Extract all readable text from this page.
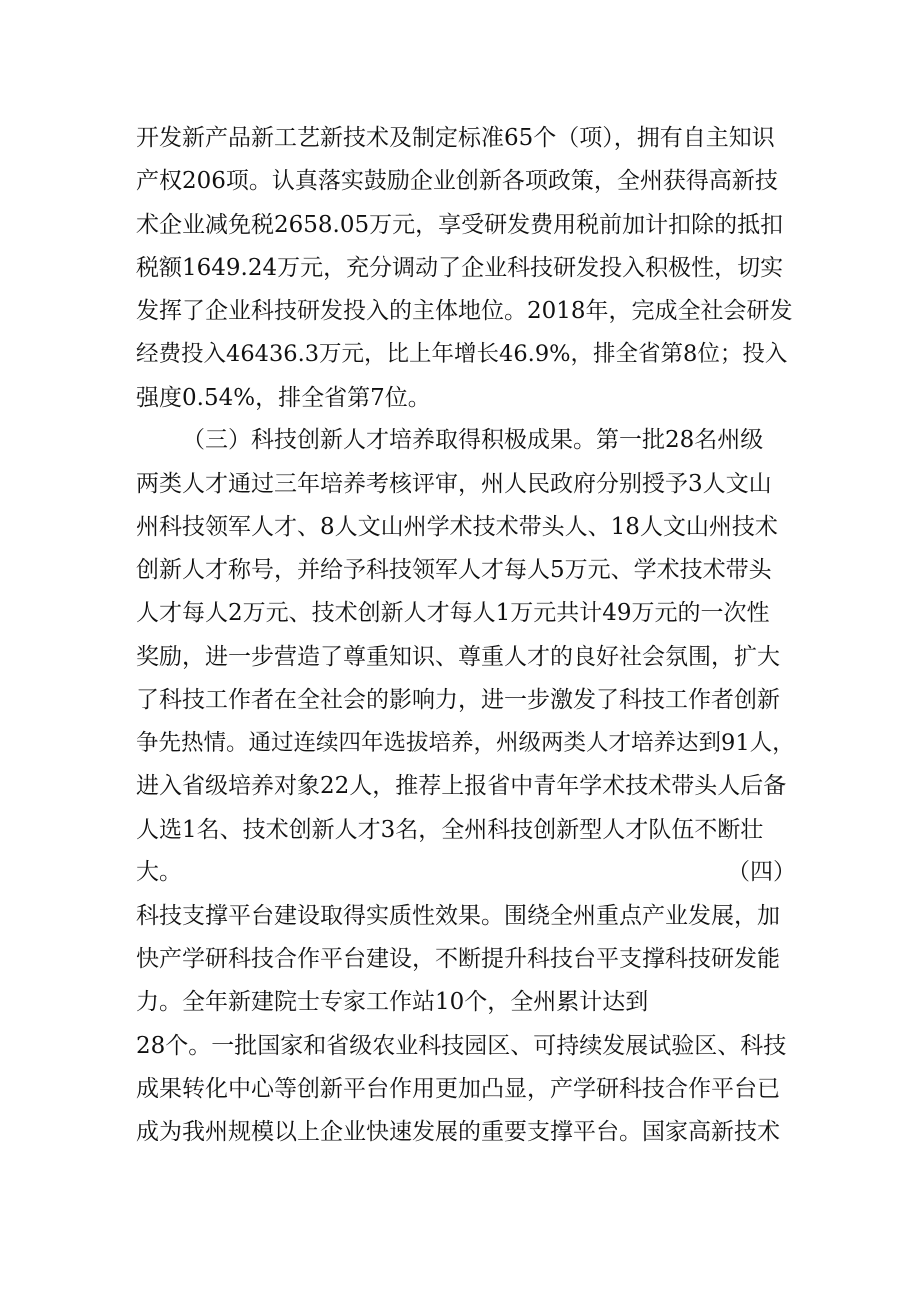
开发新产品新工艺新技术及制定标准65个（项），拥有自主知识
产权206项。认真落实鼓励企业创新各项政策，全州获得高新技
术企业减免税2658.05万元，享受研发费用税前加计扣除的抵扣
税额1649.24万元，充分调动了企业科技研发投入积极性，切实
发挥了企业科技研发投入的主体地位。2018年，完成全社会研发
经费投入46436.3万元，比上年增长46.9%，排全省第8位；投入
强度0.54%，排全省第7位。
（三）科技创新人才培养取得积极成果。第一批28名州级
两类人才通过三年培养考核评审，州人民政府分别授予3人文山
州科技领军人才、8人文山州学术技术带头人、18人文山州技术
创新人才称号，并给予科技领军人才每人5万元、学术技术带头
人才每人2万元、技术创新人才每人1万元共计49万元的一次性
奖励，进一步营造了尊重知识、尊重人才的良好社会氛围，扩大
了科技工作者在全社会的影响力，进一步激发了科技工作者创新
争先热情。通过连续四年选拔培养，州级两类人才培养达到91人，
进入省级培养对象22人，推荐上报省中青年学术技术带头人后备
人选1名、技术创新人才3名，全州科技创新型人才队伍不断壮
大。	（四）
科技支撑平台建设取得实质性效果。围绕全州重点产业发展，加
快产学研科技合作平台建设，不断提升科技台平支撑科技研发能
力。全年新建院士专家工作站10个，全州累计达到
28个。一批国家和省级农业科技园区、可持续发展试验区、科技
成果转化中心等创新平台作用更加凸显，产学研科技合作平台已
成为我州规模以上企业快速发展的重要支撑平台。国家高新技术
